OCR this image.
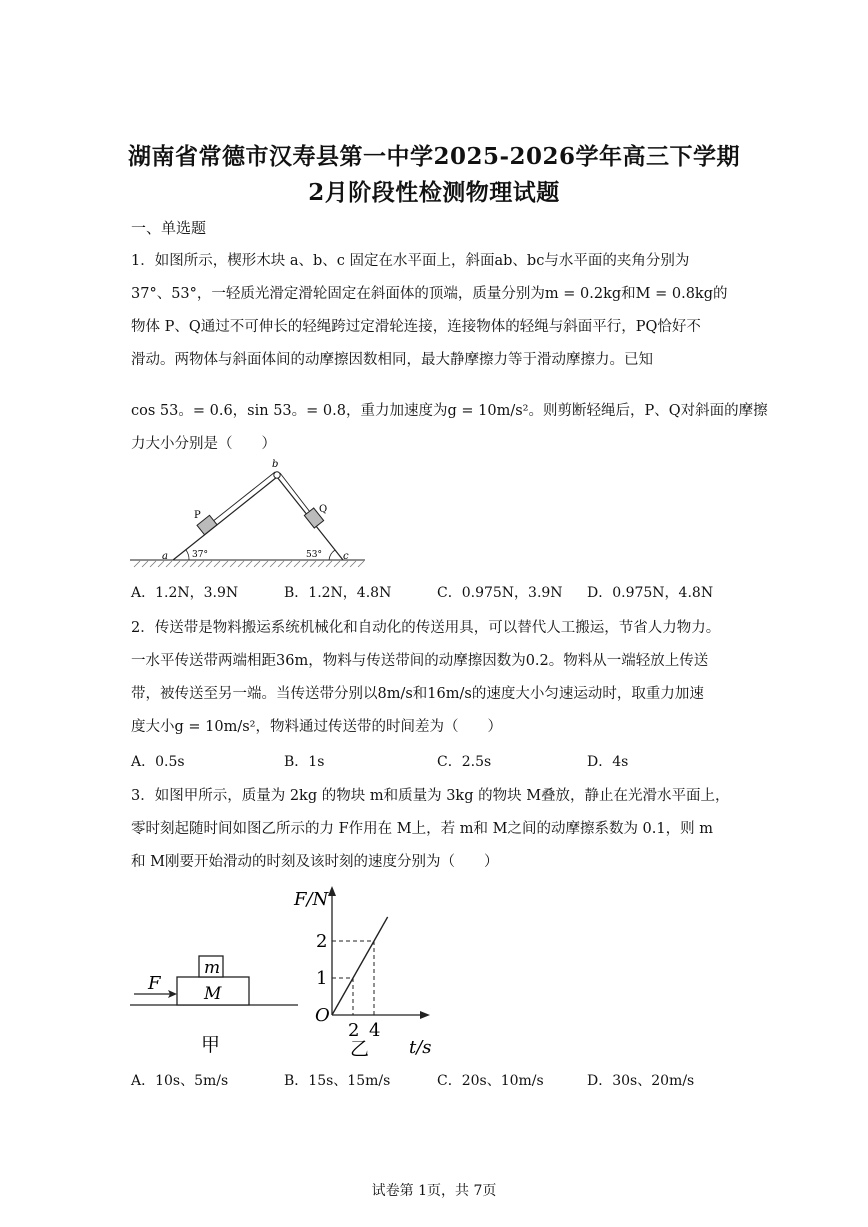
湖南省常德市汉寿县第一中学2025-2026学年高三下学期
2月阶段性检测物理试题
一、单选题
1．如图所示，楔形木块 a、b、c 固定在水平面上，斜面ab、bc与水平面的夹角分别为
37°、53°，一轻质光滑定滑轮固定在斜面体的顶端，质量分别为m = 0.2kg和M = 0.8kg的
物体 P、Q通过不可伸长的轻绳跨过定滑轮连接，连接物体的轻绳与斜面平行，PQ恰好不
滑动。两物体与斜面体间的动摩擦因数相同，最大静摩擦力等于滑动摩擦力。已知
cos 53。= 0.6，sin 53。= 0.8，重力加速度为g = 10m/s²。则剪断轻绳后，P、Q对斜面的摩擦
力大小分别是（　　）
b
P
Q
a	c
37°	53°
A．1.2N，3.9N	B．1.2N，4.8N	C．0.975N，3.9N D．0.975N，4.8N
2．传送带是物料搬运系统机械化和自动化的传送用具，可以替代人工搬运，节省人力物力。
一水平传送带两端相距36m，物料与传送带间的动摩擦因数为0.2。物料从一端轻放上传送
带，被传送至另一端。当传送带分别以8m/s和16m/s的速度大小匀速运动时，取重力加速
度大小g = 10m/s²，物料通过传送带的时间差为（　　）
A．0.5s	B．1s	C．2.5s	D．4s
3．如图甲所示，质量为 2kg 的物块 m和质量为 3kg 的物块 M叠放，静止在光滑水平面上，
零时刻起随时间如图乙所示的力 F作用在 M上，若 m和 M之间的动摩擦系数为 0.1，则 m
和 M刚要开始滑动的时刻及该时刻的速度分别为（　　）
m
M
F
甲
F/N
t/s
O
2 4
1
2
乙
A．10s、5m/s	B．15s、15m/s	C．20s、10m/s	D．30s、20m/s
试卷第 1页，共 7页
